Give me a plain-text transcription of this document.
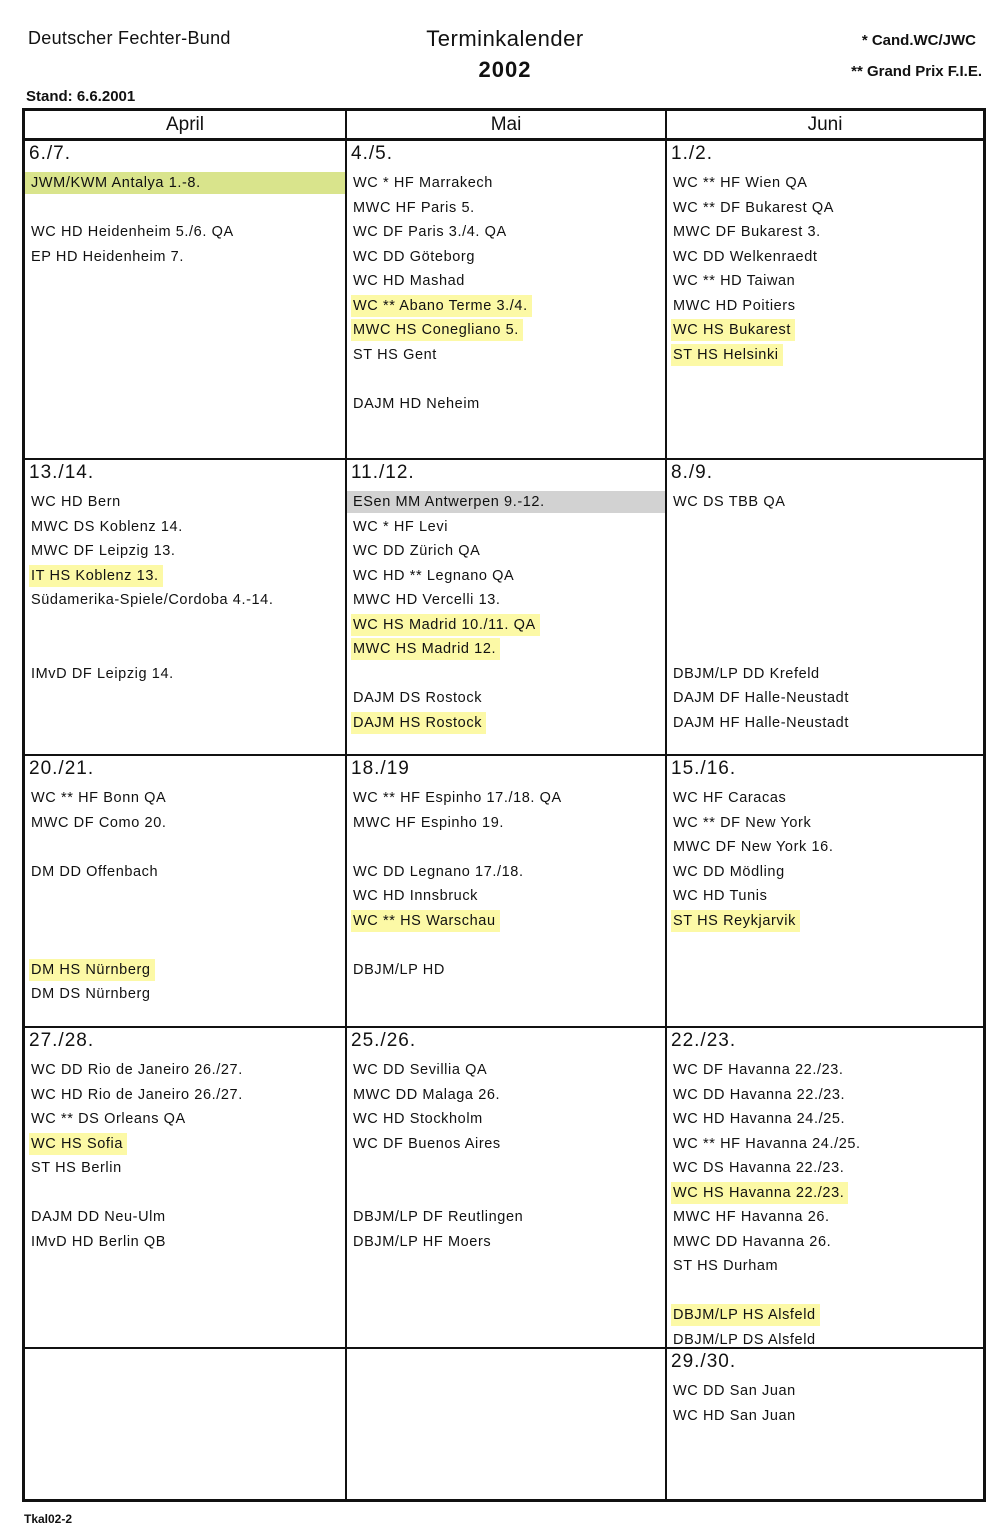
Deutscher Fechter-Bund	Terminkalender
2002
* Cand.WC/JWC
** Grand Prix F.I.E.
Stand: 6.6.2001
April	Mai	Juni
6./7.
JWM/KWM Antalya 1.-8.
WC HD Heidenheim 5./6. QA
EP HD Heidenheim 7.
4./5.
WC * HF Marrakech
MWC HF Paris 5.
WC DF Paris 3./4. QA
WC DD Göteborg
WC HD Mashad
WC ** Abano Terme 3./4.
MWC HS Conegliano 5.
ST HS Gent
DAJM HD Neheim
1./2.
WC ** HF Wien QA
WC ** DF Bukarest QA
MWC DF Bukarest 3.
WC DD Welkenraedt
WC ** HD Taiwan
MWC HD Poitiers
WC HS Bukarest
ST HS Helsinki
13./14.
WC HD Bern
MWC DS Koblenz 14.
MWC DF Leipzig 13.
IT HS Koblenz 13.
Südamerika-Spiele/Cordoba 4.-14.
IMvD DF Leipzig 14.
11./12.
ESen MM Antwerpen 9.-12.
WC * HF Levi
WC DD Zürich QA
WC HD ** Legnano QA
MWC HD Vercelli 13.
WC HS Madrid 10./11. QA
MWC HS Madrid 12.
DAJM DS Rostock
DAJM HS Rostock
8./9.
WC DS TBB QA
DBJM/LP DD Krefeld
DAJM DF Halle-Neustadt
DAJM HF Halle-Neustadt
20./21.
WC ** HF Bonn QA
MWC DF Como 20.
DM DD Offenbach
DM HS Nürnberg
DM DS Nürnberg
18./19
WC ** HF Espinho 17./18. QA
MWC HF Espinho 19.
WC DD Legnano 17./18.
WC HD Innsbruck
WC ** HS Warschau
DBJM/LP HD
15./16.
WC HF Caracas
WC ** DF New York
MWC DF New York 16.
WC DD Mödling
WC HD Tunis
ST HS Reykjarvik
27./28.
WC DD Rio de Janeiro 26./27.
WC HD Rio de Janeiro 26./27.
WC ** DS Orleans QA
WC HS Sofia
ST HS Berlin
DAJM DD Neu-Ulm
IMvD HD Berlin QB
25./26.
WC DD Sevillia QA
MWC DD Malaga 26.
WC HD Stockholm
WC DF Buenos Aires
DBJM/LP DF Reutlingen
DBJM/LP HF Moers
22./23.
WC DF Havanna 22./23.
WC DD Havanna 22./23.
WC HD Havanna 24./25.
WC ** HF Havanna 24./25.
WC DS Havanna 22./23.
WC HS Havanna 22./23.
MWC HF Havanna 26.
MWC DD Havanna 26.
ST HS Durham
DBJM/LP HS Alsfeld
DBJM/LP DS Alsfeld
29./30.
WC DD San Juan
WC HD San Juan
Tkal02-2
